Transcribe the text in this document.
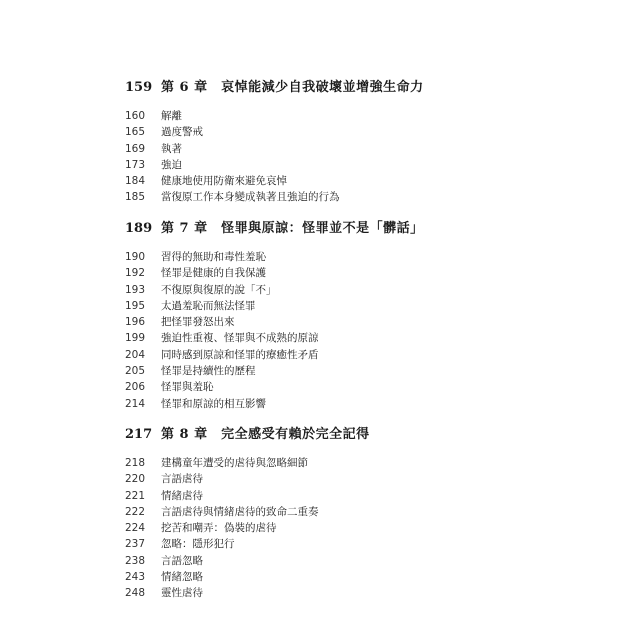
159 第 6 章　哀悼能減少自我破壞並增強生命力
160	解離
165	過度警戒
169	執著
173	強迫
184	健康地使用防衛來避免哀悼
185	當復原工作本身變成執著且強迫的行為
189 第 7 章　怪罪與原諒：怪罪並不是「髒話」
190	習得的無助和毒性羞恥
192	怪罪是健康的自我保護
193	不復原與復原的說「不」
195	太過羞恥而無法怪罪
196	把怪罪發怒出來
199	強迫性重複、怪罪與不成熟的原諒
204	同時感到原諒和怪罪的療癒性矛盾
205	怪罪是持續性的歷程
206	怪罪與羞恥
214	怪罪和原諒的相互影響
217 第 8 章　完全感受有賴於完全記得
218	建構童年遭受的虐待與忽略細節
220	言語虐待
221	情緒虐待
222	言語虐待與情緒虐待的致命二重奏
224	挖苦和嘲弄：偽裝的虐待
237	忽略：隱形犯行
238	言語忽略
243	情緒忽略
248	靈性虐待
